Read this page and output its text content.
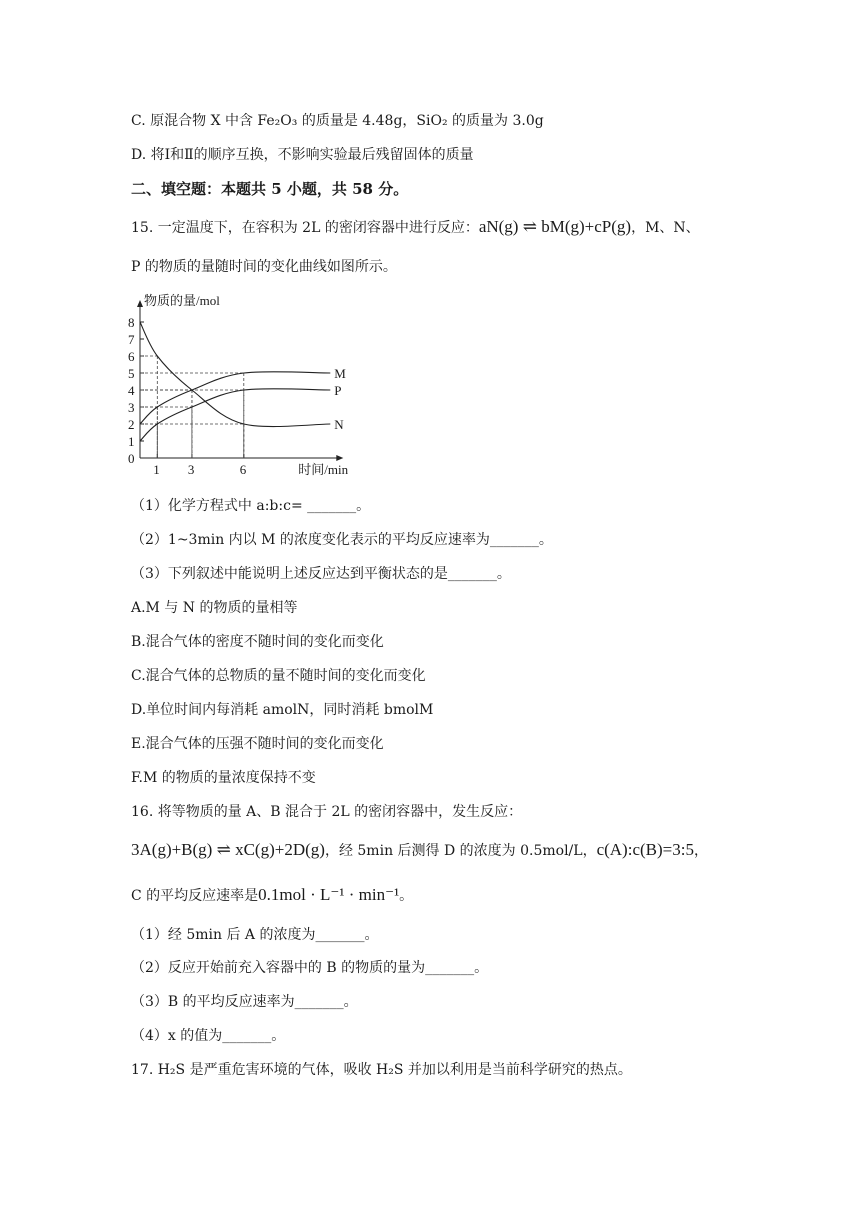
C. 原混合物 X 中含 Fe₂O₃ 的质量是 4.48g，SiO₂ 的质量为 3.0g
D. 将Ⅰ和Ⅱ的顺序互换，不影响实验最后残留固体的质量
二、填空题：本题共 5 小题，共 58 分。
15. 一定温度下，在容积为 2L 的密闭容器中进行反应：aN(g) ⇌ bM(g)+cP(g)，M、N、
P 的物质的量随时间的变化曲线如图所示。
物质的量/mol
时间/min
0
1
2
3
4
5
6
7
8
1 3	6
M
P
N
（1）化学方程式中 a:b:c= _______。
（2）1~3min 内以 M 的浓度变化表示的平均反应速率为_______。
（3）下列叙述中能说明上述反应达到平衡状态的是_______。
A.M 与 N 的物质的量相等
B.混合气体的密度不随时间的变化而变化
C.混合气体的总物质的量不随时间的变化而变化
D.单位时间内每消耗 amolN，同时消耗 bmolM
E.混合气体的压强不随时间的变化而变化
F.M 的物质的量浓度保持不变
16. 将等物质的量 A、B 混合于 2L 的密闭容器中，发生反应：
3A(g)+B(g) ⇌ xC(g)+2D(g)，经 5min 后测得 D 的浓度为 0.5mol/L，c(A):c(B)=3:5，
C 的平均反应速率是0.1mol · L⁻¹ · min⁻¹。
（1）经 5min 后 A 的浓度为_______。
（2）反应开始前充入容器中的 B 的物质的量为_______。
（3）B 的平均反应速率为_______。
（4）x 的值为_______。
17. H₂S 是严重危害环境的气体，吸收 H₂S 并加以利用是当前科学研究的热点。
